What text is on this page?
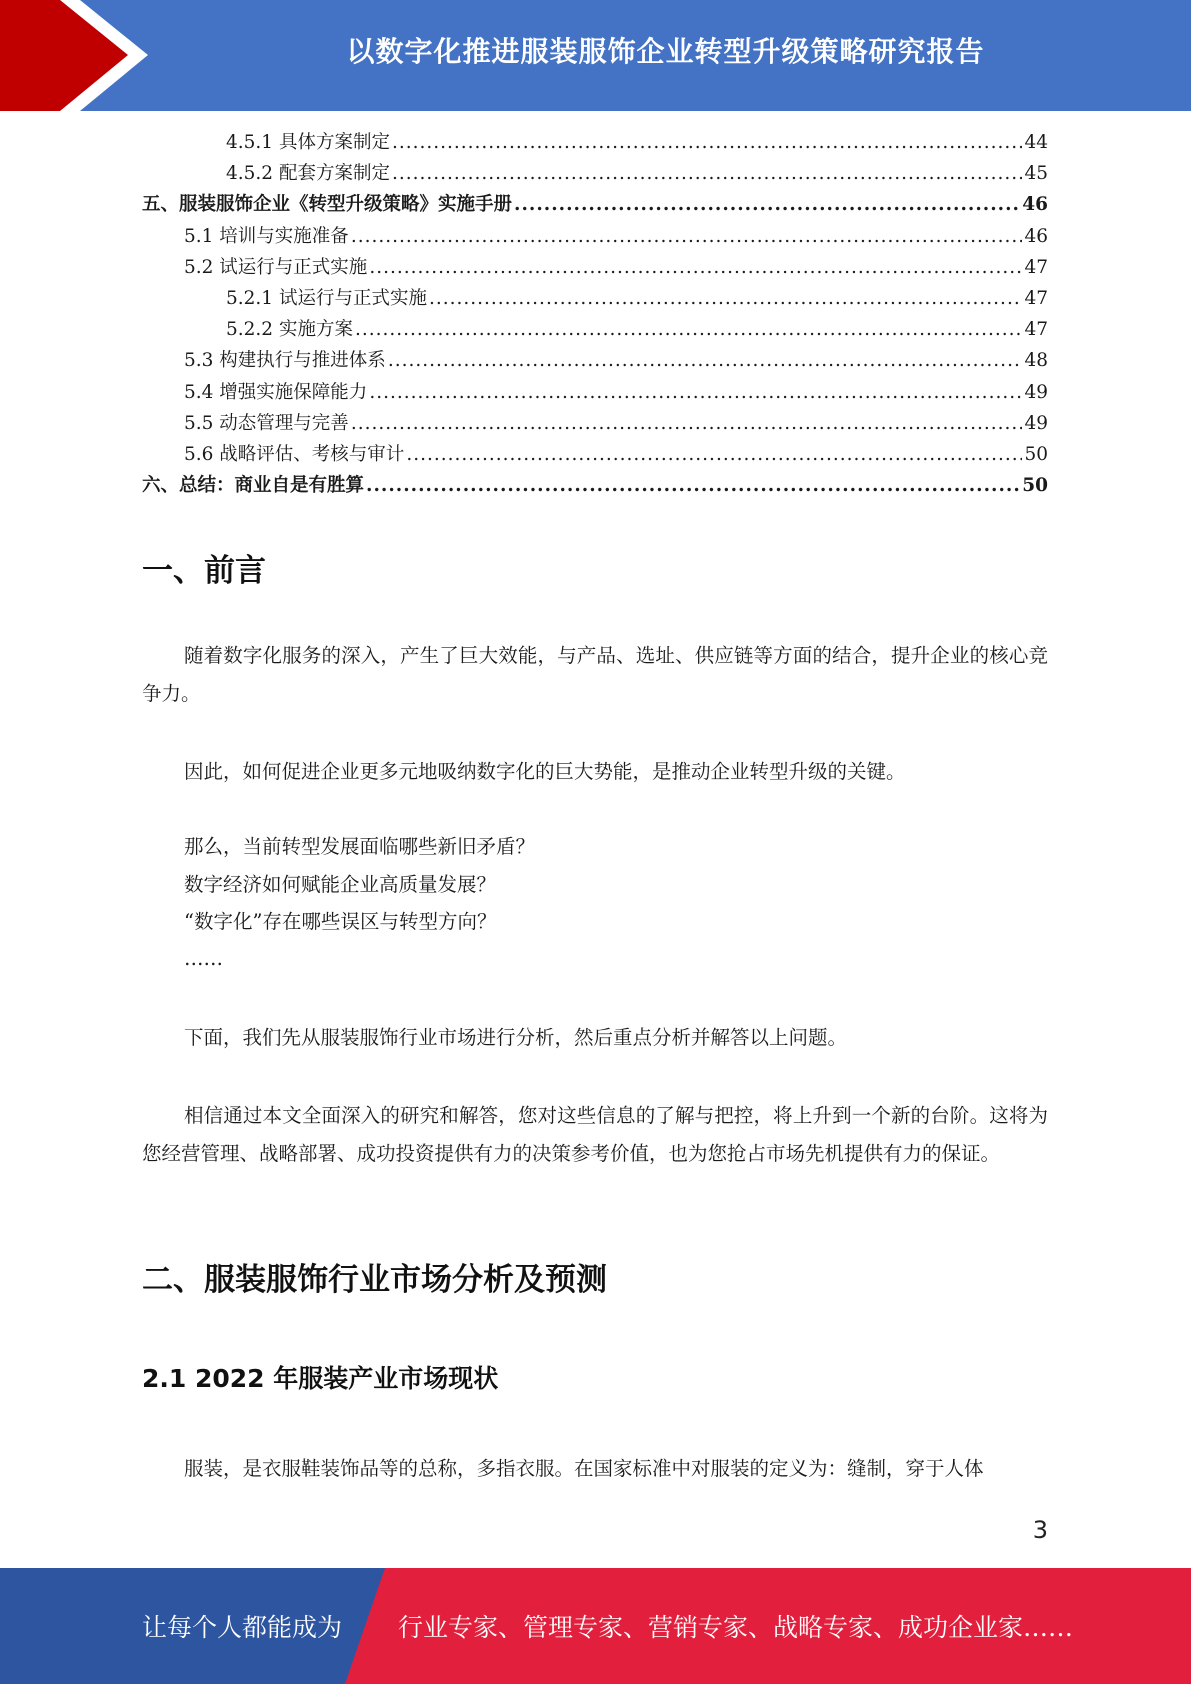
以数字化推进服装服饰企业转型升级策略研究报告
4.5.1 具体方案制定 .....	44
4.5.2 配套方案制定 .....	45
五、服装服饰企业《转型升级策略》实施手册 .....	46
5.1 培训与实施准备 .....	46
5.2 试运行与正式实施 .....	47
5.2.1 试运行与正式实施 .....	47
5.2.2 实施方案 .....	47
5.3 构建执行与推进体系 .....	48
5.4 增强实施保障能力 .....	49
5.5 动态管理与完善 .....	49
5.6 战略评估、考核与审计 .....	50
六、总结：商业自是有胜算 .....	50
一、前言

随着数字化服务的深入，产生了巨大效能，与产品、选址、供应链等方面的结合，提升企业的核心竞争力。

因此，如何促进企业更多元地吸纳数字化的巨大势能，是推动企业转型升级的关键。

那么，当前转型发展面临哪些新旧矛盾？
数字经济如何赋能企业高质量发展？
“数字化”存在哪些误区与转型方向？
……

下面，我们先从服装服饰行业市场进行分析，然后重点分析并解答以上问题。

相信通过本文全面深入的研究和解答，您对这些信息的了解与把控，将上升到一个新的台阶。这将为您经营管理、战略部署、成功投资提供有力的决策参考价值，也为您抢占市场先机提供有力的保证。

二、服装服饰行业市场分析及预测
2.1 2022 年服装产业市场现状

服装，是衣服鞋装饰品等的总称，多指衣服。在国家标准中对服装的定义为：缝制，穿于人体

3
让每个人都能成为 行业专家、管理专家、营销专家、战略专家、成功企业家……
